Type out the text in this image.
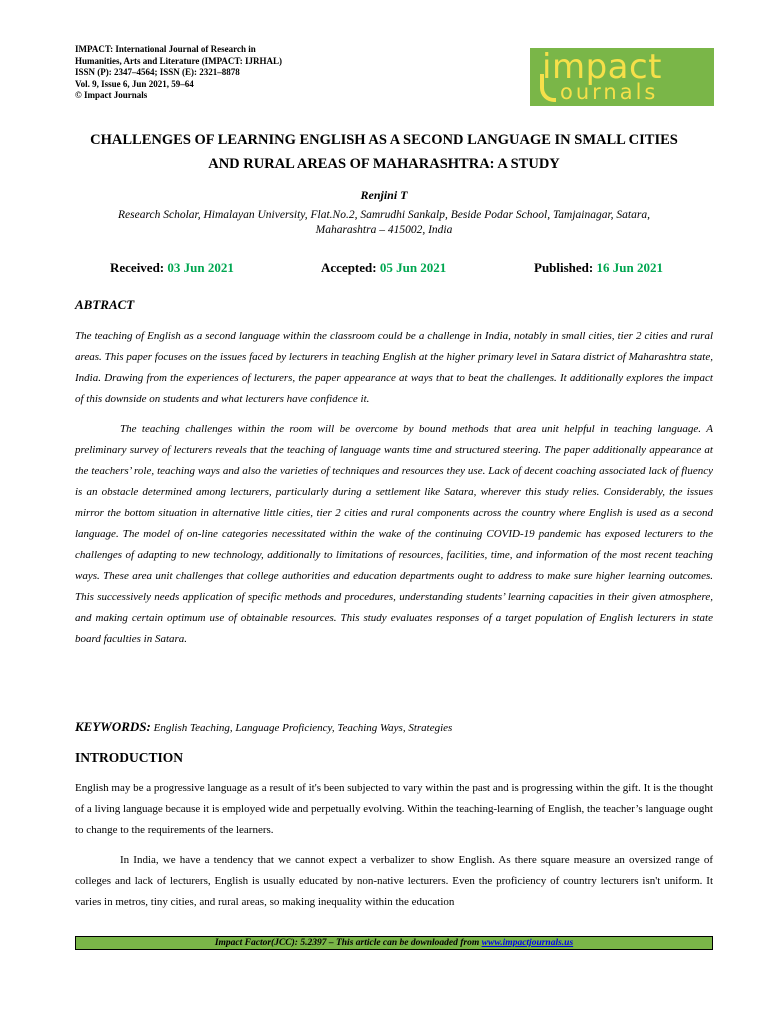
IMPACT: International Journal of Research in
Humanities, Arts and Literature (IMPACT: IJRHAL)
ISSN (P): 2347–4564; ISSN (E): 2321–8878
Vol. 9, Issue 6, Jun 2021, 59–64
© Impact Journals
impact
ournals
CHALLENGES OF LEARNING ENGLISH AS A SECOND LANGUAGE IN SMALL CITIES
AND RURAL AREAS OF MAHARASHTRA: A STUDY
Renjini T
Research Scholar, Himalayan University, Flat.No.2, Samrudhi Sankalp, Beside Podar School, Tamjainagar, Satara,
Maharashtra – 415002, India
Received: 03 Jun 2021	Accepted: 05 Jun 2021	Published: 16 Jun 2021
ABTRACT

The teaching of English as a second language within the classroom could be a challenge in India, notably in small cities, tier 2 cities and rural areas. This paper focuses on the issues faced by lecturers in teaching English at the higher primary level in Satara district of Maharashtra state, India. Drawing from the experiences of lecturers, the paper appearance at ways that to beat the challenges. It additionally explores the impact of this downside on students and what lecturers have confidence it.

The teaching challenges within the room will be overcome by bound methods that area unit helpful in teaching language. A preliminary survey of lecturers reveals that the teaching of language wants time and structured steering. The paper additionally appearance at the teachers’ role, teaching ways and also the varieties of techniques and resources they use. Lack of decent coaching associated lack of fluency is an obstacle determined among lecturers, particularly during a settlement like Satara, wherever this study relies. Considerably, the issues mirror the bottom situation in alternative little cities, tier 2 cities and rural components across the country where English is used as a second language. The model of on-line categories necessitated within the wake of the continuing COVID-19 pandemic has exposed lecturers to the challenges of adapting to new technology, additionally to limitations of resources, facilities, time, and information of the most recent teaching ways. These area unit challenges that college authorities and education departments ought to address to make sure higher learning outcomes. This successively needs application of specific methods and procedures, understanding students’ learning capacities in their given atmosphere, and making certain optimum use of obtainable resources. This study evaluates responses of a target population of English lecturers in state board faculties in Satara.

KEYWORDS: English Teaching, Language Proficiency, Teaching Ways, Strategies
INTRODUCTION

English may be a progressive language as a result of it's been subjected to vary within the past and is progressing within the gift. It is the thought of a living language because it is employed wide and perpetually evolving. Within the teaching-learning of English, the teacher’s language ought to change to the requirements of the learners.

In India, we have a tendency that we cannot expect a verbalizer to show English. As there square measure an oversized range of colleges and lack of lecturers, English is usually educated by non-native lecturers. Even the proficiency of country lecturers isn't uniform. It varies in metros, tiny cities, and rural areas, so making inequality within the education

Impact Factor(JCC): 5.2397 – This article can be downloaded from www.impactjournals.us
